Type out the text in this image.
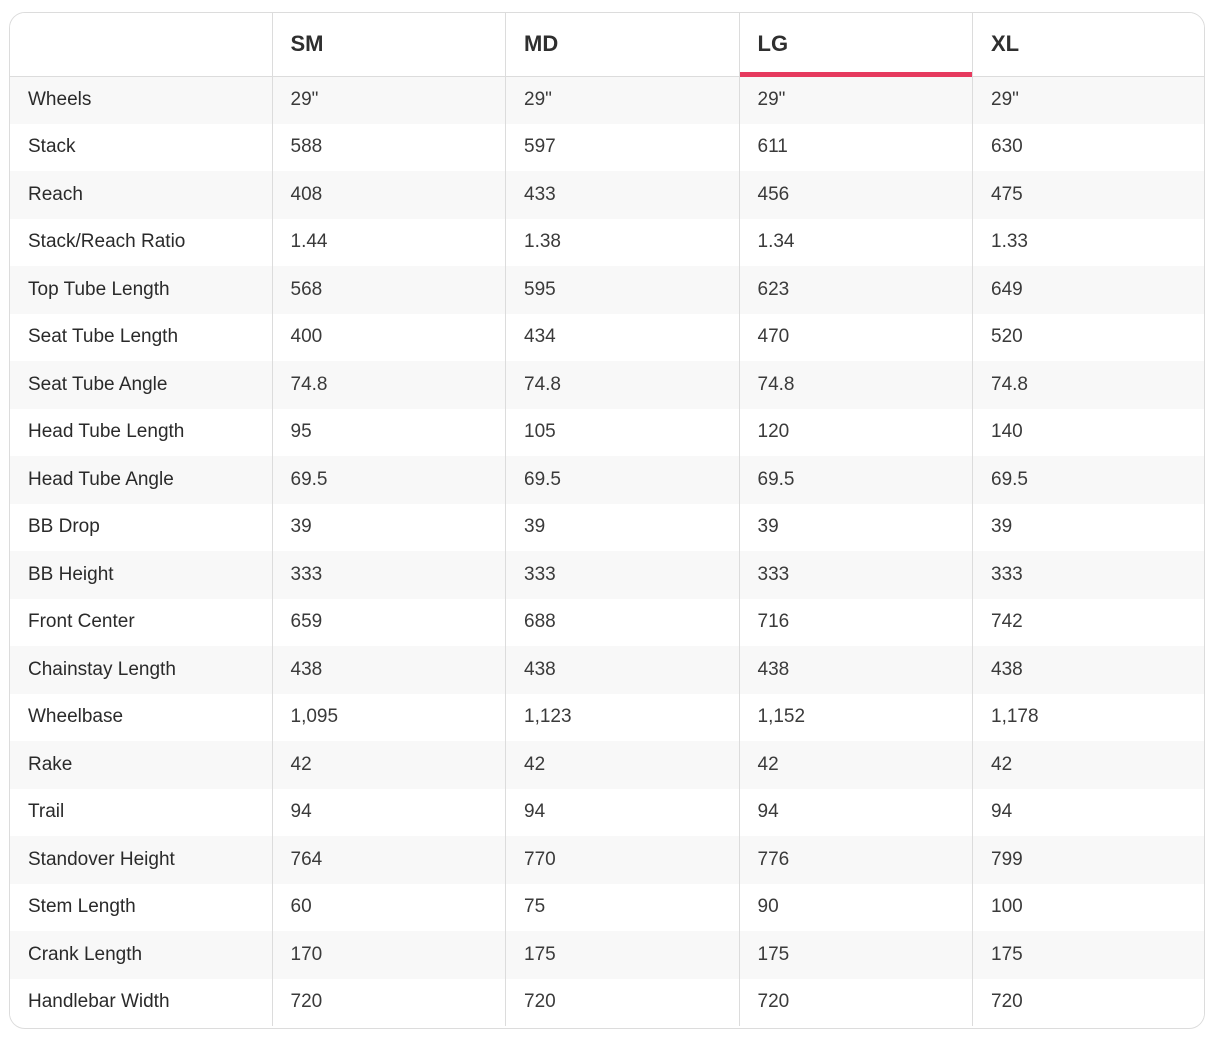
	SM	MD	LG	XL
Wheels	29"	29"	29"	29"
Stack	588	597	611	630
Reach	408	433	456	475
Stack/Reach Ratio	1.44	1.38	1.34	1.33
Top Tube Length	568	595	623	649
Seat Tube Length	400	434	470	520
Seat Tube Angle	74.8	74.8	74.8	74.8
Head Tube Length	95	105	120	140
Head Tube Angle	69.5	69.5	69.5	69.5
BB Drop	39	39	39	39
BB Height	333	333	333	333
Front Center	659	688	716	742
Chainstay Length	438	438	438	438
Wheelbase	1,095	1,123	1,152	1,178
Rake	42	42	42	42
Trail	94	94	94	94
Standover Height	764	770	776	799
Stem Length	60	75	90	100
Crank Length	170	175	175	175
Handlebar Width	720	720	720	720
